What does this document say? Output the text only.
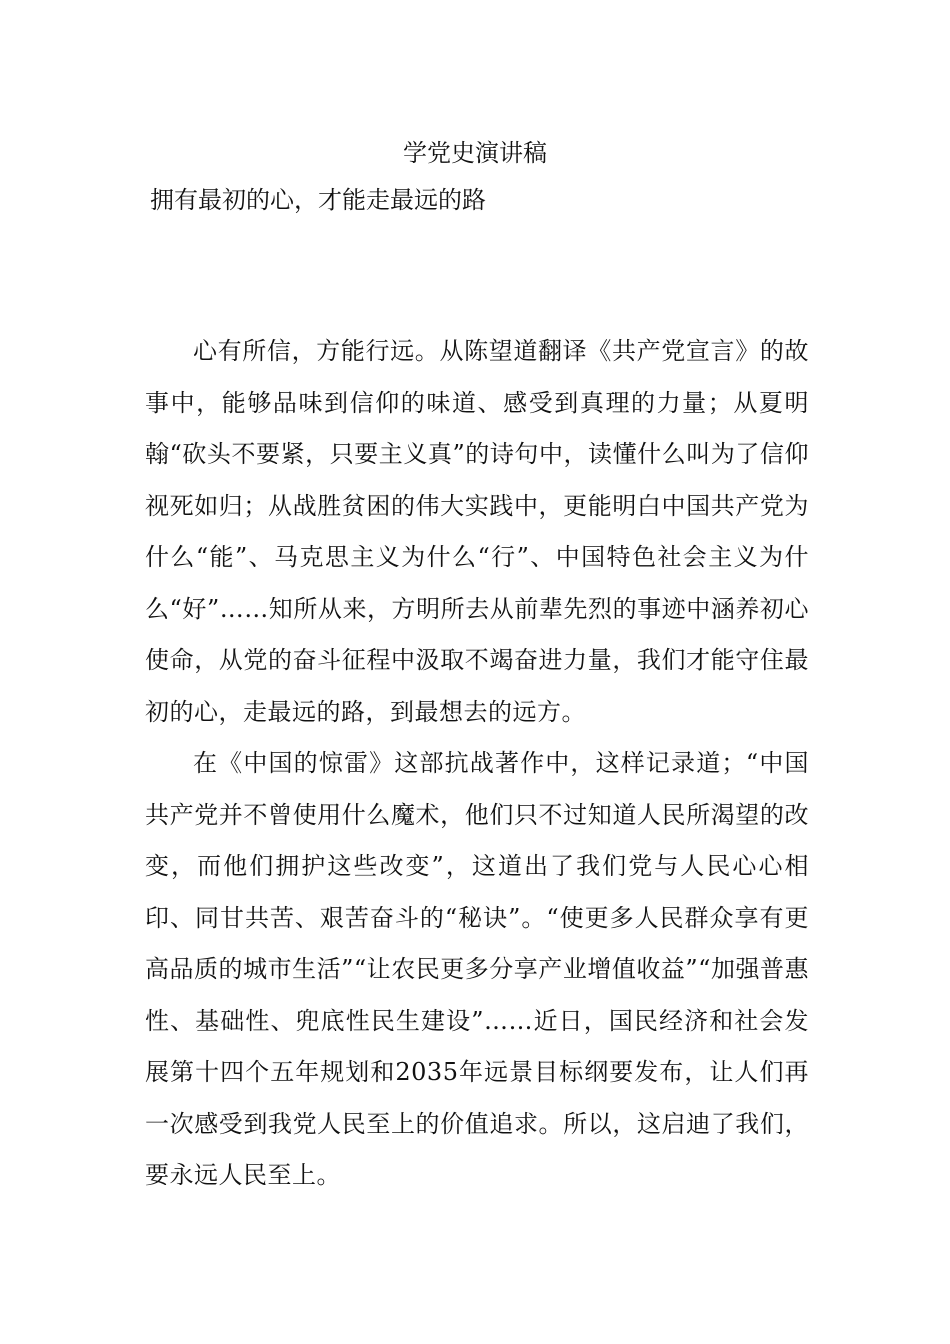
学党史演讲稿
拥有最初的心，才能走最远的路

心有所信，方能行远。从陈望道翻译《共产党宣言》的故事中，能够品味到信仰的味道、感受到真理的力量；从夏明翰“砍头不要紧，只要主义真”的诗句中，读懂什么叫为了信仰视死如归；从战胜贫困的伟大实践中，更能明白中国共产党为什么“能”、马克思主义为什么“行”、中国特色社会主义为什么“好”……知所从来，方明所去从前辈先烈的事迹中涵养初心使命，从党的奋斗征程中汲取不竭奋进力量，我们才能守住最初的心，走最远的路，到最想去的远方。

在《中国的惊雷》这部抗战著作中，这样记录道；“中国共产党并不曾使用什么魔术，他们只不过知道人民所渴望的改变，而他们拥护这些改变”，这道出了我们党与人民心心相印、同甘共苦、艰苦奋斗的“秘诀”。“使更多人民群众享有更高品质的城市生活”“让农民更多分享产业增值收益”“加强普惠性、基础性、兜底性民生建设”……近日，国民经济和社会发展第十四个五年规划和2035年远景目标纲要发布，让人们再一次感受到我党人民至上的价值追求。所以，这启迪了我们，要永远人民至上。
